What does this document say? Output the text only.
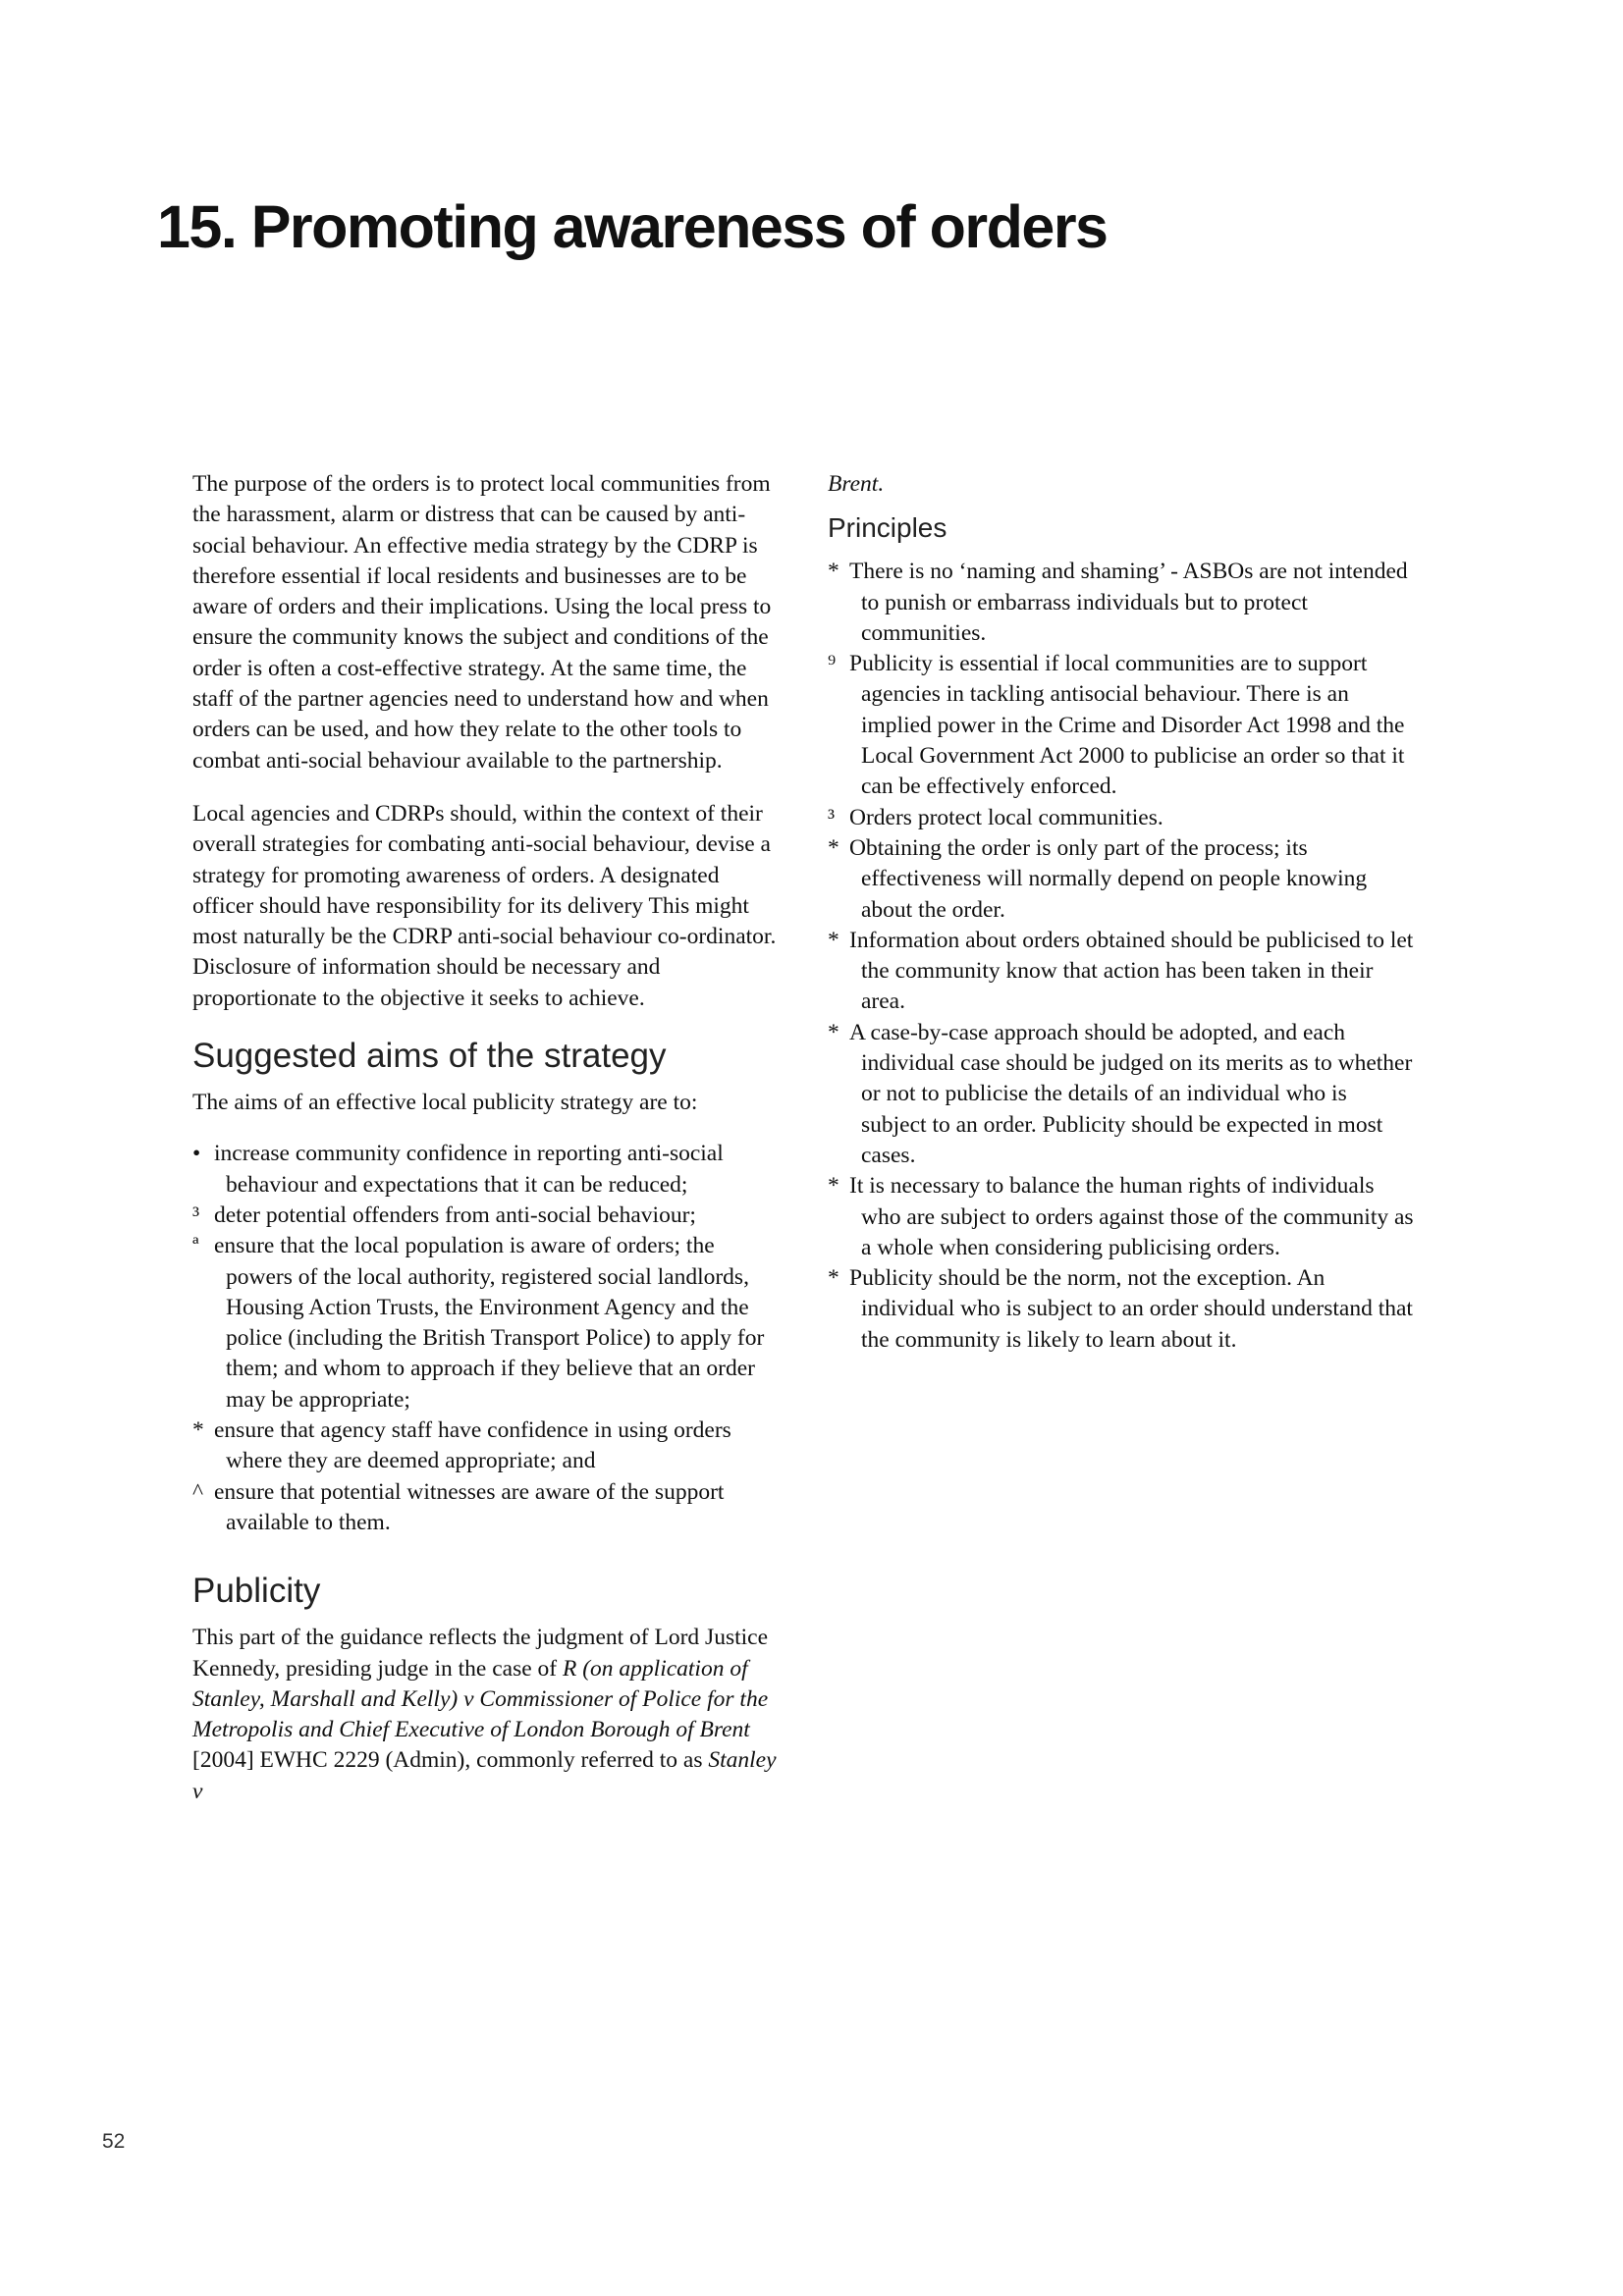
15. Promoting awareness of orders

The purpose of the orders is to protect local communities from the harassment, alarm or distress that can be caused by anti-social behaviour. An effective media strategy by the CDRP is therefore essential if local residents and businesses are to be aware of orders and their implications. Using the local press to ensure the community knows the subject and conditions of the order is often a cost-effective strategy. At the same time, the staff of the partner agencies need to understand how and when orders can be used, and how they relate to the other tools to combat anti-social behaviour available to the partnership.

Local agencies and CDRPs should, within the context of their overall strategies for combating anti-social behaviour, devise a strategy for promoting awareness of orders. A designated officer should have responsibility for its delivery This might most naturally be the CDRP anti-social behaviour co-ordinator. Disclosure of information should be necessary and proportionate to the objective it seeks to achieve.

Suggested aims of the strategy

The aims of an effective local publicity strategy are to:

• increase community confidence in reporting anti-social behaviour and expectations that it can be reduced;
³ deter potential offenders from anti-social behaviour;
ª ensure that the local population is aware of orders; the powers of the local authority, registered social landlords, Housing Action Trusts, the Environment Agency and the police (including the British Transport Police) to apply for them; and whom to approach if they believe that an order may be appropriate;
* ensure that agency staff have confidence in using orders where they are deemed appropriate; and
^ ensure that potential witnesses are aware of the support available to them.
Publicity

This part of the guidance reflects the judgment of Lord Justice Kennedy, presiding judge in the case of R (on application of Stanley, Marshall and Kelly) v Commissioner of Police for the Metropolis and Chief Executive of London Borough of Brent [2004] EWHC 2229 (Admin), commonly referred to as Stanley v

Brent.

Principles
* There is no ‘naming and shaming’ - ASBOs are not intended to punish or embarrass individuals but to protect communities.
⁹ Publicity is essential if local communities are to support agencies in tackling antisocial behaviour. There is an implied power in the Crime and Disorder Act 1998 and the Local Government Act 2000 to publicise an order so that it can be effectively enforced.
³ Orders protect local communities.
* Obtaining the order is only part of the process; its effectiveness will normally depend on people knowing about the order.
* Information about orders obtained should be publicised to let the community know that action has been taken in their area.
* A case-by-case approach should be adopted, and each individual case should be judged on its merits as to whether or not to publicise the details of an individual who is subject to an order. Publicity should be expected in most cases.
* It is necessary to balance the human rights of individuals who are subject to orders against those of the community as a whole when considering publicising orders.
* Publicity should be the norm, not the exception. An individual who is subject to an order should understand that the community is likely to learn about it.
52
